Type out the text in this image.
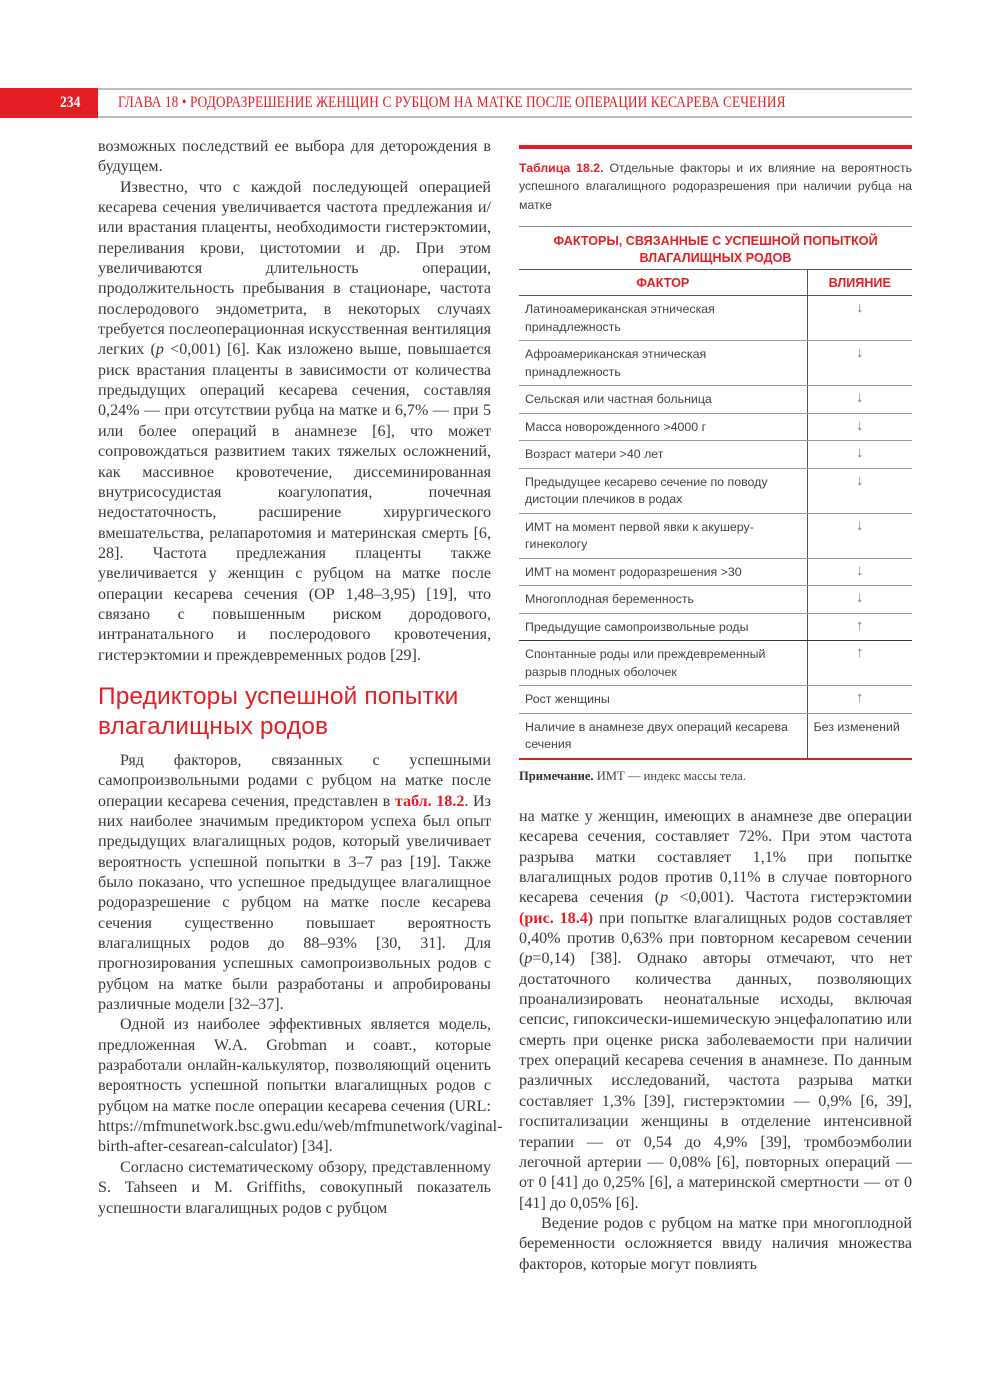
234	ГЛАВА 18 • РОДОРАЗРЕШЕНИЕ ЖЕНЩИН С РУБЦОМ НА МАТКЕ ПОСЛЕ ОПЕРАЦИИ КЕСАРЕВА СЕЧЕНИЯ

возможных последствий ее выбора для деторождения в будущем.

Известно, что с каждой последующей операцией кесарева сечения увеличивается частота предлежания и/или врастания плаценты, необходимости гистерэктомии, переливания крови, цистотомии и др. При этом увеличиваются длительность операции, продолжительность пребывания в стационаре, частота послеродового эндометрита, в некоторых случаях требуется послеоперационная искусственная вентиляция легких (p <0,001) [6]. Как изложено выше, повышается риск врастания плаценты в зависимости от количества предыдущих операций кесарева сечения, составляя 0,24% — при отсутствии рубца на матке и 6,7% — при 5 или более операций в анамнезе [6], что может сопровождаться развитием таких тяжелых осложнений, как массивное кровотечение, диссеминированная внутрисосудистая коагулопатия, почечная недостаточность, расширение хирургического вмешательства, релапаротомия и материнская смерть [6, 28]. Частота предлежания плаценты также увеличивается у женщин с рубцом на матке после операции кесарева сечения (ОР 1,48–3,95) [19], что связано с повышенным риском дородового, интранатального и послеродового кровотечения, гистерэктомии и преждевременных родов [29].

Предикторы успешной попытки влагалищных родов

Ряд факторов, связанных с успешными самопроизвольными родами с рубцом на матке после операции кесарева сечения, представлен в табл. 18.2. Из них наиболее значимым предиктором успеха был опыт предыдущих влагалищных родов, который увеличивает вероятность успешной попытки в 3–7 раз [19]. Также было показано, что успешное предыдущее влагалищное родоразрешение с рубцом на матке после кесарева сечения существенно повышает вероятность влагалищных родов до 88–93% [30, 31]. Для прогнозирования успешных самопроизвольных родов с рубцом на матке были разработаны и апробированы различные модели [32–37].

Одной из наиболее эффективных является модель, предложенная W.A. Grobman и соавт., которые разработали онлайн-калькулятор, позволяющий оценить вероятность успешной попытки влагалищных родов с рубцом на матке после операции кесарева сечения (URL: https://mfmunetwork.bsc.gwu.edu/web/mfmunetwork/vaginal-birth-after-cesarean-calculator) [34].

Согласно систематическому обзору, представленному S. Tahseen и M. Griffiths, совокупный показатель успешности влагалищных родов с рубцом

Таблица 18.2. Отдельные факторы и их влияние на вероятность успешного влагалищного родоразрешения при наличии рубца на матке
ФАКТОРЫ, СВЯЗАННЫЕ С УСПЕШНОЙ ПОПЫТКОЙ ВЛАГАЛИЩНЫХ РОДОВ
ФАКТОР	ВЛИЯНИЕ
Латиноамериканская этническая принадлежность	↓
Афроамериканская этническая принадлежность	↓
Сельская или частная больница	↓
Масса новорожденного >4000 г	↓
Возраст матери >40 лет	↓
Предыдущее кесарево сечение по поводу дистоции плечиков в родах	↓
ИМТ на момент первой явки к акушеру-гинекологу	↓
ИМТ на момент родоразрешения >30	↓
Многоплодная беременность	↓
Предыдущие самопроизвольные роды	↑
Спонтанные роды или преждевременный разрыв плодных оболочек	↑
Рост женщины	↑
Наличие в анамнезе двух операций кесарева сечения	Без изменений
Примечание. ИМТ — индекс массы тела.

на матке у женщин, имеющих в анамнезе две операции кесарева сечения, составляет 72%. При этом частота разрыва матки составляет 1,1% при попытке влагалищных родов против 0,11% в случае повторного кесарева сечения (p <0,001). Частота гистерэктомии (рис. 18.4) при попытке влагалищных родов составляет 0,40% против 0,63% при повторном кесаревом сечении (p=0,14) [38]. Однако авторы отмечают, что нет достаточного количества данных, позволяющих проанализировать неонатальные исходы, включая сепсис, гипоксически-ишемическую энцефалопатию или смерть при оценке риска заболеваемости при наличии трех операций кесарева сечения в анамнезе. По данным различных исследований, частота разрыва матки составляет 1,3% [39], гистерэктомии — 0,9% [6, 39], госпитализации женщины в отделение интенсивной терапии — от 0,54 до 4,9% [39], тромбоэмболии легочной артерии — 0,08% [6], повторных операций — от 0 [41] до 0,25% [6], а материнской смертности — от 0 [41] до 0,05% [6].

Ведение родов с рубцом на матке при многоплодной беременности осложняется ввиду наличия множества факторов, которые могут повлиять
